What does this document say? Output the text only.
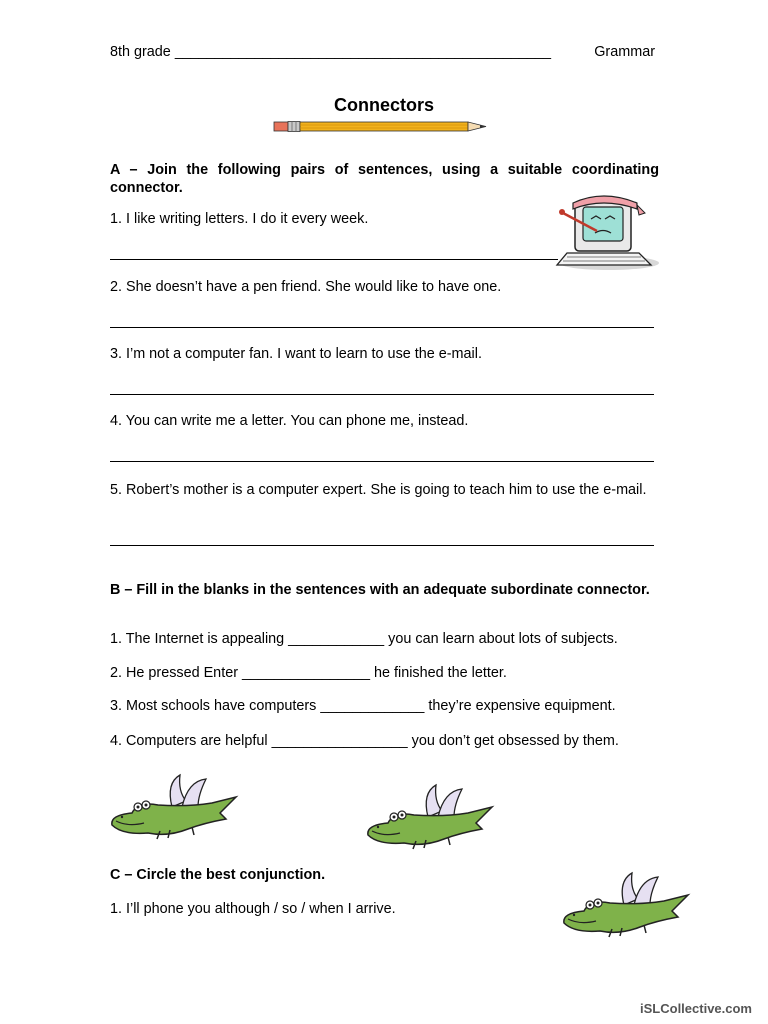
8th grade _______________________________________________	Grammar
Connectors
A – Join the following pairs of sentences, using a suitable coordinating connector.
1. I like writing letters. I do it every week.
2. She doesn’t have a pen friend. She would like to have one.
3. I’m not a computer fan. I want to learn to use the e-mail.
4. You can write me a letter. You can phone me, instead.
5. Robert’s mother is a computer expert. She is going to teach him to use the e-mail.
B – Fill in the blanks in the sentences with an adequate subordinate connector.
1. The Internet is appealing ____________ you can learn about lots of subjects.
2. He pressed Enter ________________ he finished the letter.
3. Most schools have computers _____________ they’re expensive equipment.
4. Computers are helpful _________________ you don’t get obsessed by them.
C – Circle the best conjunction.
1. I’ll phone you although / so / when I arrive.
iSLCollective.com
